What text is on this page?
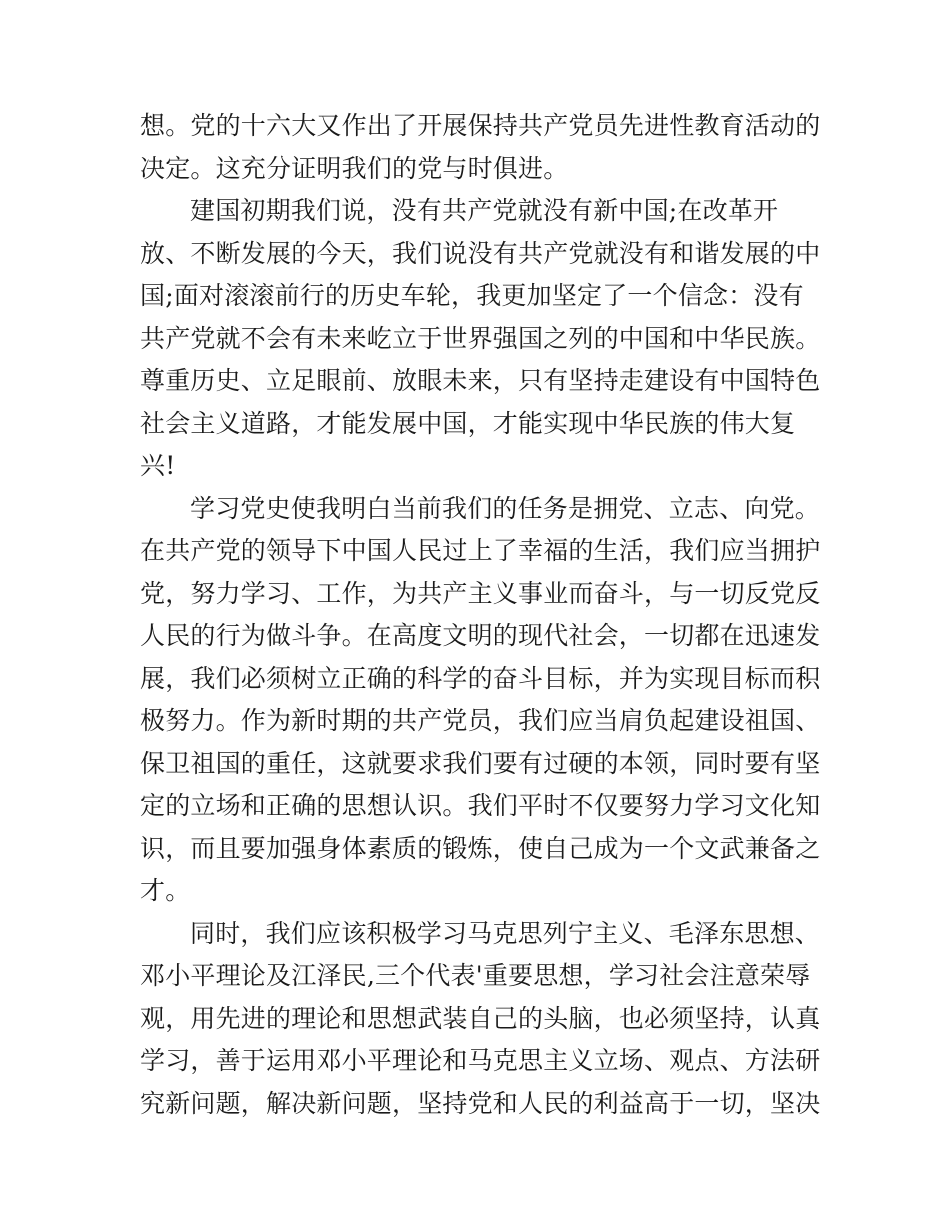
想。党的十六大又作出了开展保持共产党员先进性教育活动的
决定。这充分证明我们的党与时俱进。
建国初期我们说，没有共产党就没有新中国;在改革开
放、不断发展的今天，我们说没有共产党就没有和谐发展的中
国;面对滚滚前行的历史车轮，我更加坚定了一个信念：没有
共产党就不会有未来屹立于世界强国之列的中国和中华民族。
尊重历史、立足眼前、放眼未来，只有坚持走建设有中国特色
社会主义道路，才能发展中国，才能实现中华民族的伟大复
兴!
学习党史使我明白当前我们的任务是拥党、立志、向党。
在共产党的领导下中国人民过上了幸福的生活，我们应当拥护
党，努力学习、工作，为共产主义事业而奋斗，与一切反党反
人民的行为做斗争。在高度文明的现代社会，一切都在迅速发
展，我们必须树立正确的科学的奋斗目标，并为实现目标而积
极努力。作为新时期的共产党员，我们应当肩负起建设祖国、
保卫祖国的重任，这就要求我们要有过硬的本领，同时要有坚
定的立场和正确的思想认识。我们平时不仅要努力学习文化知
识，而且要加强身体素质的锻炼，使自己成为一个文武兼备之
才。
同时，我们应该积极学习马克思列宁主义、毛泽东思想、
邓小平理论及江泽民‚三个代表'重要思想，学习社会注意荣辱
观，用先进的理论和思想武装自己的头脑，也必须坚持，认真
学习，善于运用邓小平理论和马克思主义立场、观点、方法研
究新问题，解决新问题，坚持党和人民的利益高于一切，坚决
